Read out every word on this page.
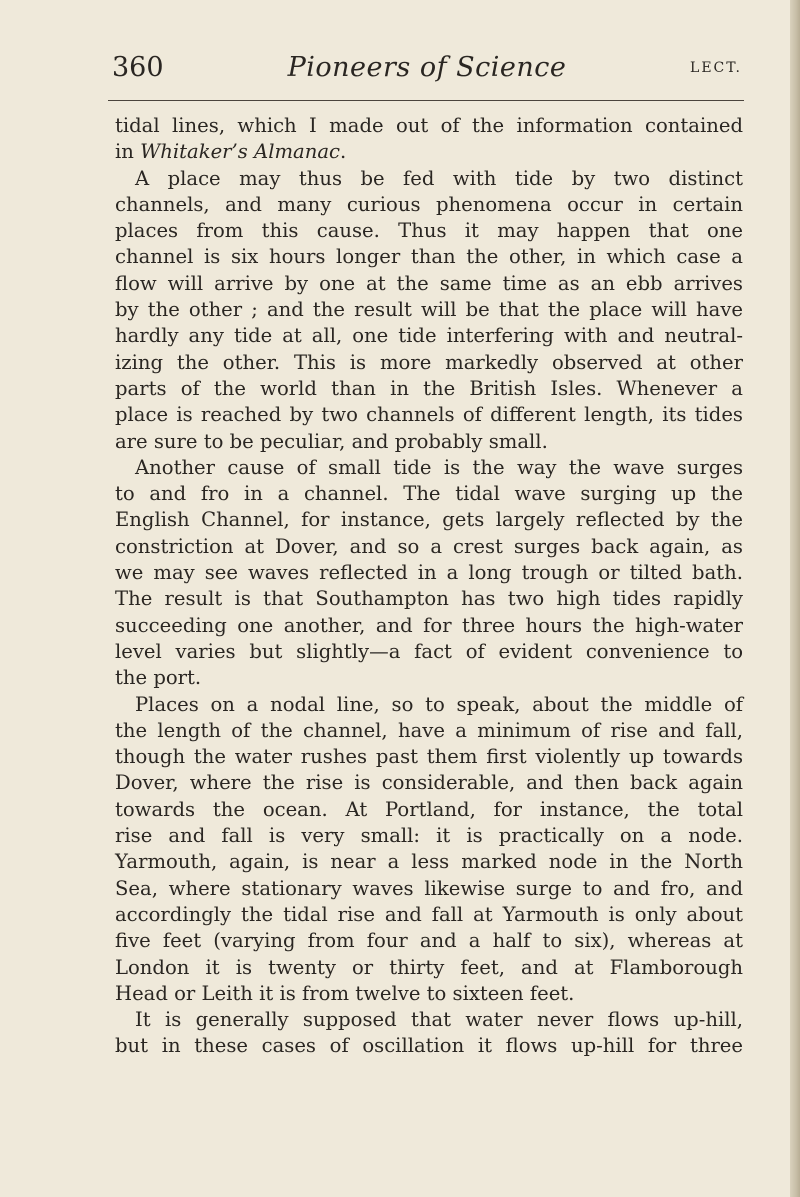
360	Pioneers of Science	LECT.
tidal lines, which I made out of the information contained
in Whitaker’s Almanac.
A place may thus be fed with tide by two distinct
channels, and many curious phenomena occur in certain
places from this cause. Thus it may happen that one
channel is six hours longer than the other, in which case a
flow will arrive by one at the same time as an ebb arrives
by the other ; and the result will be that the place will have
hardly any tide at all, one tide interfering with and neutral-
izing the other. This is more markedly observed at other
parts of the world than in the British Isles. Whenever a
place is reached by two channels of different length, its tides
are sure to be peculiar, and probably small.
Another cause of small tide is the way the wave surges
to and fro in a channel. The tidal wave surging up the
English Channel, for instance, gets largely reflected by the
constriction at Dover, and so a crest surges back again, as
we may see waves reflected in a long trough or tilted bath.
The result is that Southampton has two high tides rapidly
succeeding one another, and for three hours the high-water
level varies but slightly—a fact of evident convenience to
the port.
Places on a nodal line, so to speak, about the middle of
the length of the channel, have a minimum of rise and fall,
though the water rushes past them first violently up towards
Dover, where the rise is considerable, and then back again
towards the ocean. At Portland, for instance, the total
rise and fall is very small: it is practically on a node.
Yarmouth, again, is near a less marked node in the North
Sea, where stationary waves likewise surge to and fro, and
accordingly the tidal rise and fall at Yarmouth is only about
five feet (varying from four and a half to six), whereas at
London it is twenty or thirty feet, and at Flamborough
Head or Leith it is from twelve to sixteen feet.
It is generally supposed that water never flows up-hill,
but in these cases of oscillation it flows up-hill for three
